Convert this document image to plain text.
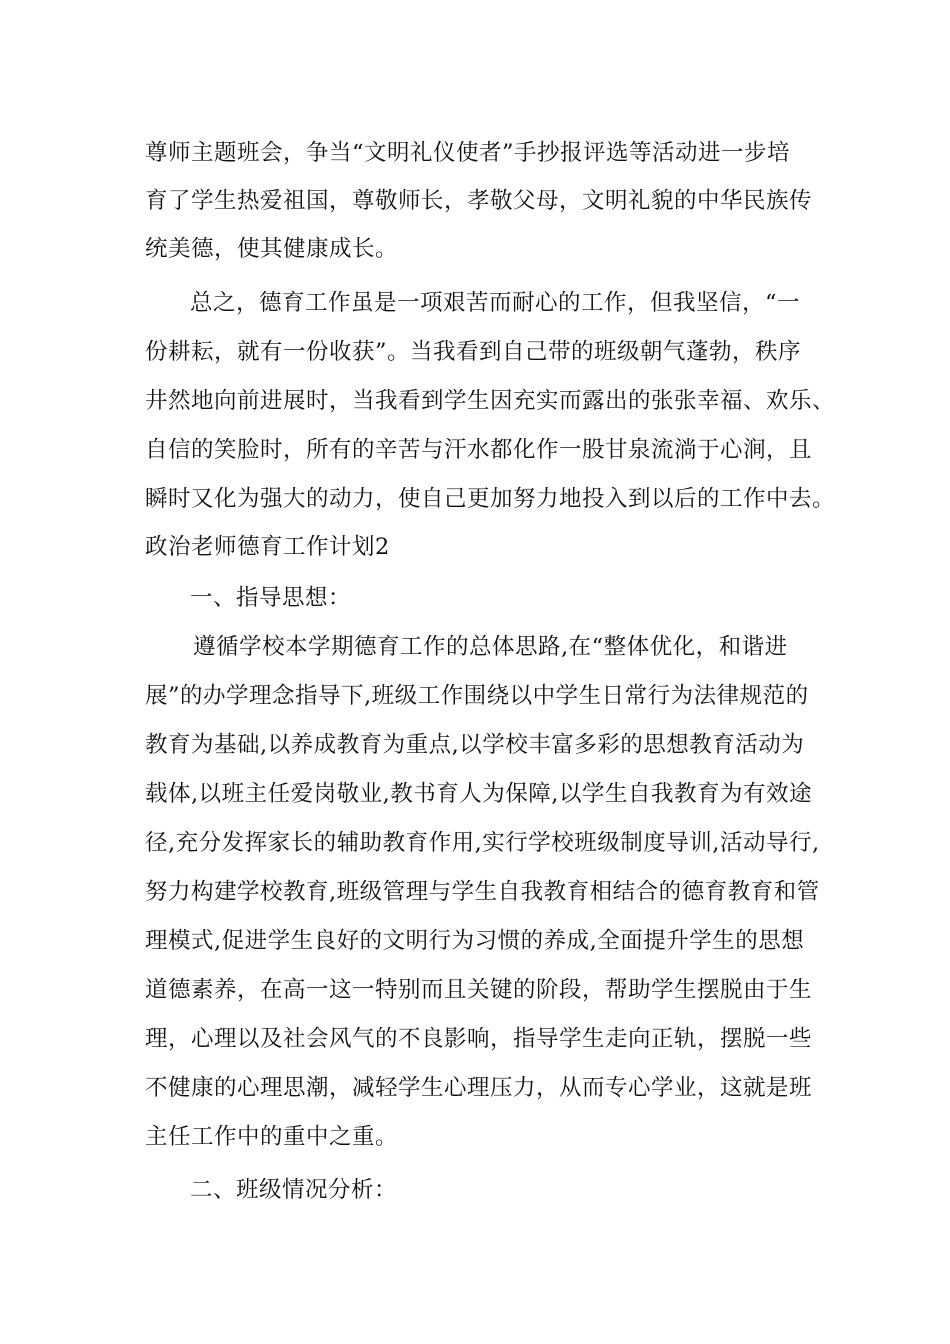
尊师主题班会，争当“文明礼仪使者”手抄报评选等活动进一步培

育了学生热爱祖国，尊敬师长，孝敬父母，文明礼貌的中华民族传

统美德，使其健康成长。

总之，德育工作虽是一项艰苦而耐心的工作，但我坚信，“一

份耕耘，就有一份收获”。当我看到自己带的班级朝气蓬勃，秩序

井然地向前进展时，当我看到学生因充实而露出的张张幸福、欢乐、

自信的笑脸时，所有的辛苦与汗水都化作一股甘泉流淌于心涧，且

瞬时又化为强大的动力，使自己更加努力地投入到以后的工作中去。

政治老师德育工作计划2

一、指导思想：

遵循学校本学期德育工作的总体思路,在“整体优化，和谐进

展”的办学理念指导下,班级工作围绕以中学生日常行为法律规范的

教育为基础,以养成教育为重点,以学校丰富多彩的思想教育活动为

载体,以班主任爱岗敬业,教书育人为保障,以学生自我教育为有效途

径,充分发挥家长的辅助教育作用,实行学校班级制度导训,活动导行,

努力构建学校教育,班级管理与学生自我教育相结合的德育教育和管

理模式,促进学生良好的文明行为习惯的养成,全面提升学生的思想

道德素养，在高一这一特别而且关键的阶段，帮助学生摆脱由于生

理，心理以及社会风气的不良影响，指导学生走向正轨，摆脱一些

不健康的心理思潮，减轻学生心理压力，从而专心学业，这就是班

主任工作中的重中之重。

二、班级情况分析：
